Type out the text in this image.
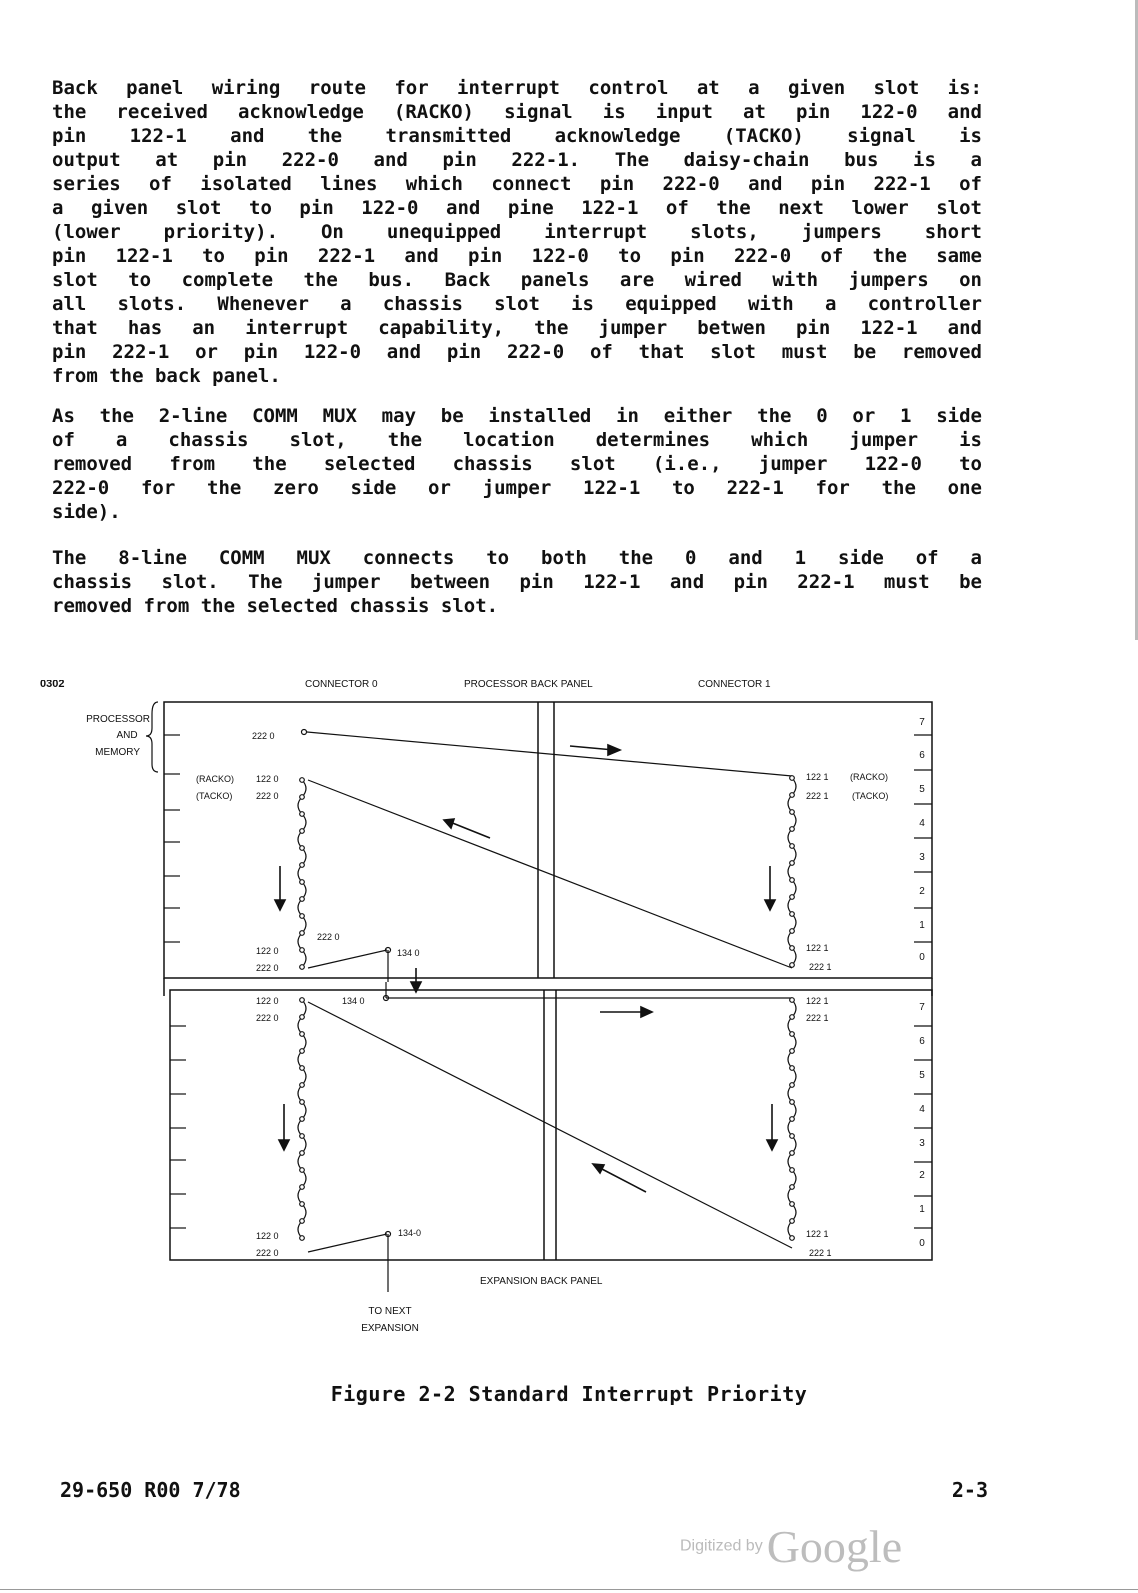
Back panel wiring route for interrupt control at a given slot is:
the received acknowledge (RACKO) signal is input at pin 122-0 and
pin 122-1 and the transmitted acknowledge (TACKO) signal is
output at pin 222-0 and pin 222-1. The daisy-chain bus is a
series of isolated lines which connect pin 222-0 and pin 222-1 of
a given slot to pin 122-0 and pine 122-1 of the next lower slot
(lower priority). On unequipped interrupt slots, jumpers short
pin 122-1 to pin 222-1 and pin 122-0 to pin 222-0 of the same
slot to complete the bus. Back panels are wired with jumpers on
all slots. Whenever a chassis slot is equipped with a controller
that has an interrupt capability, the jumper betwen pin 122-1 and
pin 222-1 or pin 122-0 and pin 222-0 of that slot must be removed
from the back panel.
As the 2-line COMM MUX may be installed in either the 0 or 1 side
of a chassis slot, the location determines which jumper is
removed from the selected chassis slot (i.e., jumper 122-0 to
222-0 for the zero side or jumper 122-1 to 222-1 for the one
side).
The 8-line COMM MUX connects to both the 0 and 1 side of a
chassis slot. The jumper between pin 122-1 and pin 222-1 must be
removed from the selected chassis slot.
0302	CONNECTOR 0	PROCESSOR BACK PANEL	CONNECTOR 1
PROCESSOR
AND
MEMORY
7
6
5
4
3
2
1
0
7
6
5
4
3
2
1
0
222 0
(RACKO) 122 0
(TACKO)	222 0
222 0
122 0
222 0
134 0
122 1 (RACKO)
222 1	(TACKO)
122 1
222 1
122 0
222 0
134 0
122 0
222 0
134-0
122 1
222 1
122 1
222 1
EXPANSION BACK PANEL
TO NEXT
EXPANSION
Figure 2-2 Standard Interrupt Priority
29-650 R00 7/78	2-3
Digitized by Google
